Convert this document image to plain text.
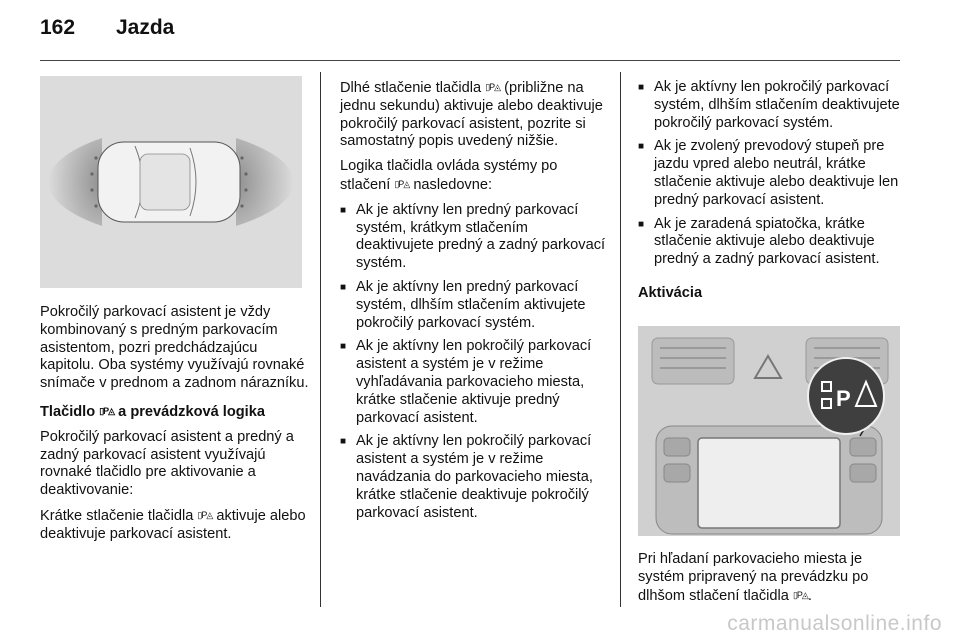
162 Jazda

Pokročilý parkovací asistent je vždy kombinovaný s predným parkovacím asistentom, pozri predchádzajúcu kapitolu. Oba systémy využívajú rovnaké snímače v prednom a zadnom nárazníku.

Tlačidlo ▯P◬ a prevádzková logika

Pokročilý parkovací asistent a predný a zadný parkovací asistent využívajú rovnaké tlačidlo pre aktivovanie a deaktivovanie:

Krátke stlačenie tlačidla ▯P◬ aktivuje alebo deaktivuje parkovací asistent.

Dlhé stlačenie tlačidla ▯P◬ (približne na jednu sekundu) aktivuje alebo deaktivuje pokročilý parkovací asistent, pozrite si samostatný popis uvedený nižšie.

Logika tlačidla ovláda systémy po stlačení ▯P◬ nasledovne:

■ Ak je aktívny len predný parkovací systém, krátkym stlačením deaktivujete predný a zadný parkovací systém.
■ Ak je aktívny len predný parkovací systém, dlhším stlačením aktivujete pokročilý parkovací systém.
■ Ak je aktívny len pokročilý parkovací asistent a systém je v režime vyhľadávania parkovacieho miesta, krátke stlačenie aktivuje predný parkovací asistent.
■ Ak je aktívny len pokročilý parkovací asistent a systém je v režime navádzania do parkovacieho miesta, krátke stlačenie deaktivuje pokročilý parkovací asistent.
■ Ak je aktívny len pokročilý parkovací systém, dlhším stlačením deaktivujete pokročilý parkovací systém.
■ Ak je zvolený prevodový stupeň pre jazdu vpred alebo neutrál, krátke stlačenie aktivuje alebo deaktivuje len predný parkovací asistent.
■ Ak je zaradená spiatočka, krátke stlačenie aktivuje alebo deaktivuje predný a zadný parkovací asistent.

Aktivácia

P

Pri hľadaní parkovacieho miesta je systém pripravený na prevádzku po dlhšom stlačení tlačidla ▯P◬.

carmanualsonline.info
